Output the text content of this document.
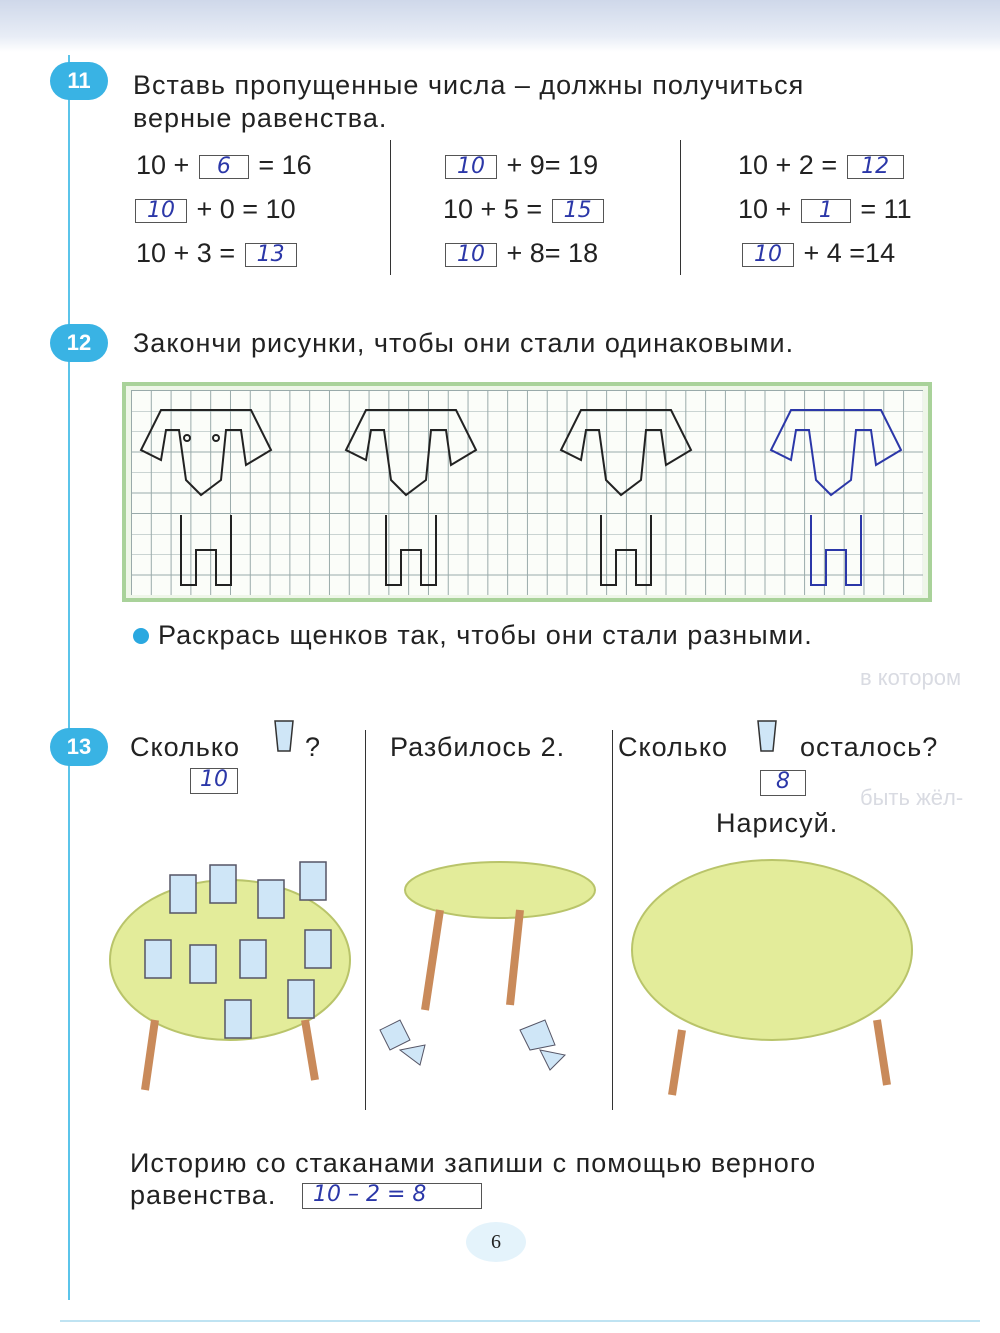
в котором
быть жёл-
11	Вставь пропущенные числа – должны получиться
верные равенства.
10 + 6 = 16
10 + 0 = 10
10 + 3 = 13
10 + 9= 19
10 + 5 = 15
10 + 8= 18
10 + 2 = 12
10 + 1 = 11
10 + 4 =14
12	Закончи рисунки, чтобы они стали одинаковыми.
Раскрась щенков так, чтобы они стали разными.
13	Сколько ?
10
Разбилось 2. Сколько	осталось?
8
Нарисуй.
Историю со стаканами запиши с помощью верного
равенства.	10 – 2 = 8
6
